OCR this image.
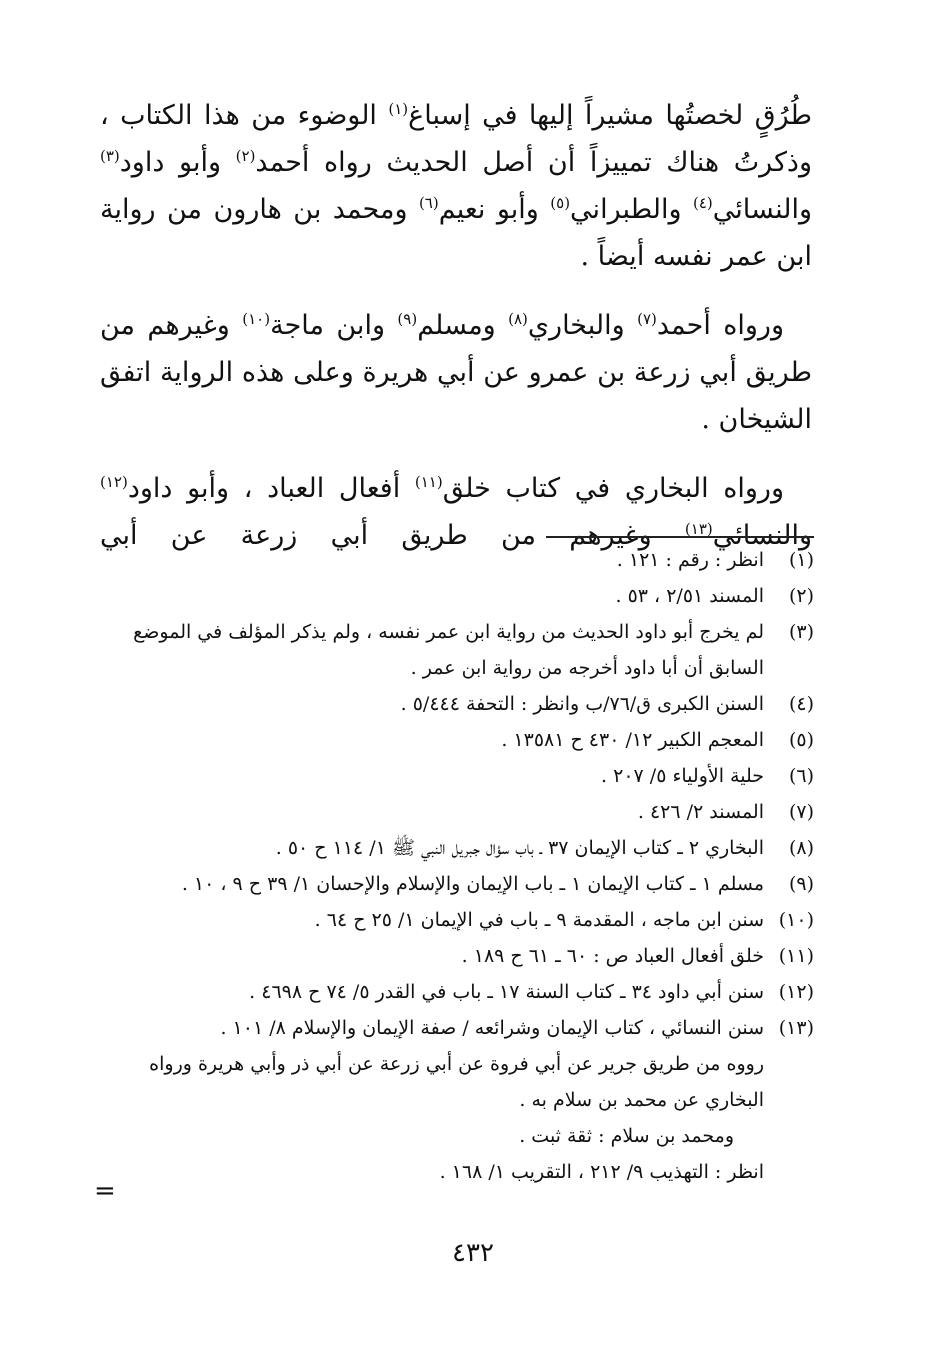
طُرُقٍ لخصتُها مشيراً إليها في إسباغ$^{(١)}$ الوضوء من هذا الكتاب ، وذكرتُ هناك تمييزاً أن أصل الحديث رواه أحمد$^{(٢)}$ وأبو داود$^{(٣)}$ والنسائي$^{(٤)}$ والطبراني$^{(٥)}$ وأبو نعيم$^{(٦)}$ ومحمد بن هارون من رواية ابن عمر نفسه أيضاً .

ورواه أحمد$^{(٧)}$ والبخاري$^{(٨)}$ ومسلم$^{(٩)}$ وابن ماجة$^{(١٠)}$ وغيرهم من طريق أبي زرعة بن عمرو عن أبي هريرة وعلى هذه الرواية اتفق الشيخان .

ورواه البخاري في كتاب خلق$^{(١١)}$ أفعال العباد ، وأبو داود$^{(١٢)}$ والنسائي$^{(١٣)}$ وغيرهم من طريق أبي زرعة عن أبي

(١)
انظر : رقم : ١٢١ .
(٢)
المسند ٢/٥١ ، ٥٣ .
(٣)
لم يخرج أبو داود الحديث من رواية ابن عمر نفسه ، ولم يذكر المؤلف في الموضع السابق أن أبا داود أخرجه من رواية ابن عمر .
(٤)
السنن الكبرى ق/٧٦/ب وانظر : التحفة ٥/٤٤٤ .
(٥)
المعجم الكبير ١٢/ ٤٣٠ ح ١٣٥٨١ .
(٦)
حلية الأولياء ٥/ ٢٠٧ .
(٧)
المسند ٢/ ٤٢٦ .
(٨)
البخاري ٢ ـ كتاب الإيمان ٣٧ ـ باب سؤال جبريل النبي ﷺ ١/ ١١٤ ح ٥٠ .
(٩)
مسلم ١ ـ كتاب الإيمان ١ ـ باب الإيمان والإسلام والإحسان ١/ ٣٩ ح ٩ ، ١٠ .
(١٠)
سنن ابن ماجه ، المقدمة ٩ ـ باب في الإيمان ١/ ٢٥ ح ٦٤ .
(١١)
خلق أفعال العباد ص : ٦٠ ـ ٦١ ح ١٨٩ .
(١٢)
سنن أبي داود ٣٤ ـ كتاب السنة ١٧ ـ باب في القدر ٥/ ٧٤ ح ٤٦٩٨ .
(١٣)
سنن النسائي ، كتاب الإيمان وشرائعه / صفة الإيمان والإسلام ٨/ ١٠١ .
رووه من طريق جرير عن أبي فروة عن أبي زرعة عن أبي ذر وأبي هريرة ورواه البخاري عن محمد بن سلام به .
ومحمد بن سلام : ثقة ثبت .
انظر : التهذيب ٩/ ٢١٢ ، التقريب ١/ ١٦٨ .
=
٤٣٢
